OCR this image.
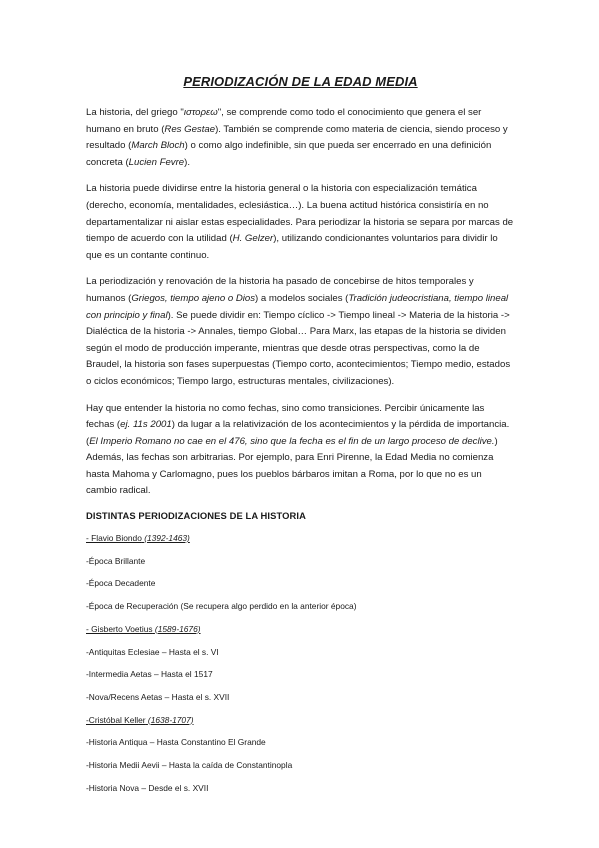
PERIODIZACIÓN DE LA EDAD MEDIA

La historia, del griego "ιστορεω", se comprende como todo el conocimiento que genera el ser humano en bruto (Res Gestae). También se comprende como materia de ciencia, siendo proceso y resultado (March Bloch) o como algo indefinible, sin que pueda ser encerrado en una definición concreta (Lucien Fevre).

La historia puede dividirse entre la historia general o la historia con especialización temática (derecho, economía, mentalidades, eclesiástica…). La buena actitud histórica consistiría en no departamentalizar ni aislar estas especialidades. Para periodizar la historia se separa por marcas de tiempo de acuerdo con la utilidad (H. Gelzer), utilizando condicionantes voluntarios para dividir lo que es un contante continuo.

La periodización y renovación de la historia ha pasado de concebirse de hitos temporales y humanos (Griegos, tiempo ajeno o Dios) a modelos sociales (Tradición judeocristiana, tiempo lineal con principio y final). Se puede dividir en: Tiempo cíclico -> Tiempo lineal -> Materia de la historia -> Dialéctica de la historia -> Annales, tiempo Global… Para Marx, las etapas de la historia se dividen según el modo de producción imperante, mientras que desde otras perspectivas, como la de Braudel, la historia son fases superpuestas (Tiempo corto, acontecimientos; Tiempo medio, estados o ciclos económicos; Tiempo largo, estructuras mentales, civilizaciones).

Hay que entender la historia no como fechas, sino como transiciones. Percibir únicamente las fechas (ej. 11s 2001) da lugar a la relativización de los acontecimientos y la pérdida de importancia. (El Imperio Romano no cae en el 476, sino que la fecha es el fin de un largo proceso de declive.) Además, las fechas son arbitrarias. Por ejemplo, para Enri Pirenne, la Edad Media no comienza hasta Mahoma y Carlomagno, pues los pueblos bárbaros imitan a Roma, por lo que no es un cambio radical.

DISTINTAS PERIODIZACIONES DE LA HISTORIA
- Flavio Biondo (1392-1463)
-Época Brillante
-Época Decadente
-Época de Recuperación (Se recupera algo perdido en la anterior época)
- Gisberto Voetius (1589-1676)
-Antiquitas Eclesiae – Hasta el s. VI
-Intermedia Aetas – Hasta el 1517
-Nova/Recens Aetas – Hasta el s. XVII
-Cristóbal Keller (1638-1707)
-Historia Antiqua – Hasta Constantino El Grande
-Historia Medii Aevii – Hasta la caída de Constantinopla
-Historia Nova – Desde el s. XVII
